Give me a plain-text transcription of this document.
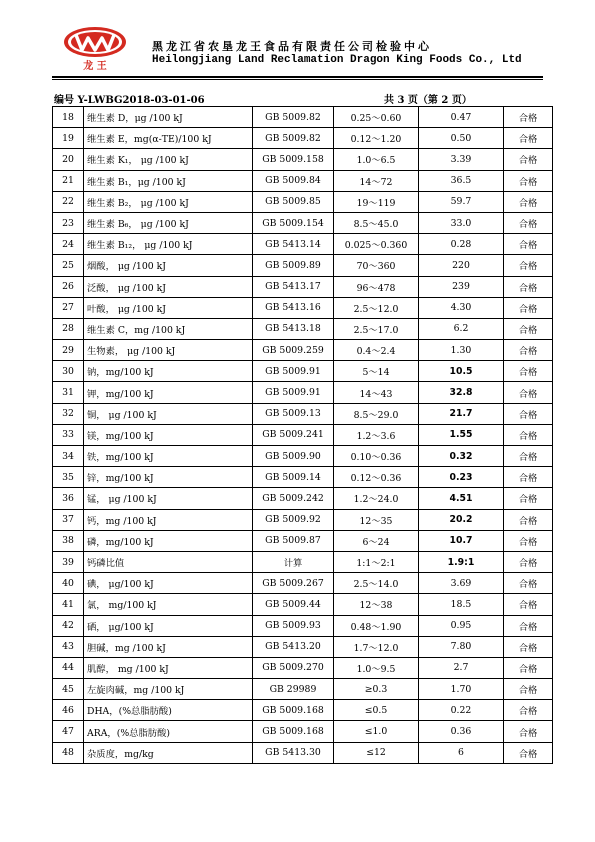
龙 王
黑龙江省农垦龙王食品有限责任公司检验中心
Heilongjiang Land Reclamation Dragon King Foods Co., Ltd
编号 Y-LWBG2018-03-01-06	共 3 页（第 2 页）
18	维生素 D，μg /100 kJ	GB 5009.82	0.25～0.60	0.47	合格
19	维生素 E，mg(α-TE)/100 kJ	GB 5009.82	0.12～1.20	0.50	合格
20	维生素 K₁， μg /100 kJ	GB 5009.158	1.0～6.5	3.39	合格
21	维生素 B₁，μg /100 kJ	GB 5009.84	14～72	36.5	合格
22	维生素 B₂， μg /100 kJ	GB 5009.85	19～119	59.7	合格
23	维生素 B₆， μg /100 kJ	GB 5009.154	8.5～45.0	33.0	合格
24	维生素 B₁₂， μg /100 kJ	GB 5413.14	0.025～0.360	0.28	合格
25	烟酸， μg /100 kJ	GB 5009.89	70～360	220	合格
26	泛酸， μg /100 kJ	GB 5413.17	96～478	239	合格
27	叶酸， μg /100 kJ	GB 5413.16	2.5～12.0	4.30	合格
28	维生素 C，mg /100 kJ	GB 5413.18	2.5～17.0	6.2	合格
29	生物素， μg /100 kJ	GB 5009.259	0.4～2.4	1.30	合格
30	钠，mg/100 kJ	GB 5009.91	5～14	10.5	合格
31	钾，mg/100 kJ	GB 5009.91	14～43	32.8	合格
32	铜， μg /100 kJ	GB 5009.13	8.5～29.0	21.7	合格
33	镁，mg/100 kJ	GB 5009.241	1.2～3.6	1.55	合格
34	铁，mg/100 kJ	GB 5009.90	0.10～0.36	0.32	合格
35	锌，mg/100 kJ	GB 5009.14	0.12～0.36	0.23	合格
36	锰， μg /100 kJ	GB 5009.242	1.2～24.0	4.51	合格
37	钙，mg /100 kJ	GB 5009.92	12～35	20.2	合格
38	磷，mg/100 kJ	GB 5009.87	6～24	10.7	合格
39	钙磷比值	计算	1:1～2:1	1.9:1	合格
40	碘， μg/100 kJ	GB 5009.267	2.5～14.0	3.69	合格
41	氯， mg/100 kJ	GB 5009.44	12～38	18.5	合格
42	硒， μg/100 kJ	GB 5009.93	0.48～1.90	0.95	合格
43	胆碱，mg /100 kJ	GB 5413.20	1.7～12.0	7.80	合格
44	肌醇， mg /100 kJ	GB 5009.270	1.0～9.5	2.7	合格
45	左旋肉碱，mg /100 kJ	GB 29989	≥0.3	1.70	合格
46	DHA，(%总脂肪酸)	GB 5009.168	≤0.5	0.22	合格
47	ARA，(%总脂肪酸)	GB 5009.168	≤1.0	0.36	合格
48	杂质度，mg/kg	GB 5413.30	≤12	6	合格
